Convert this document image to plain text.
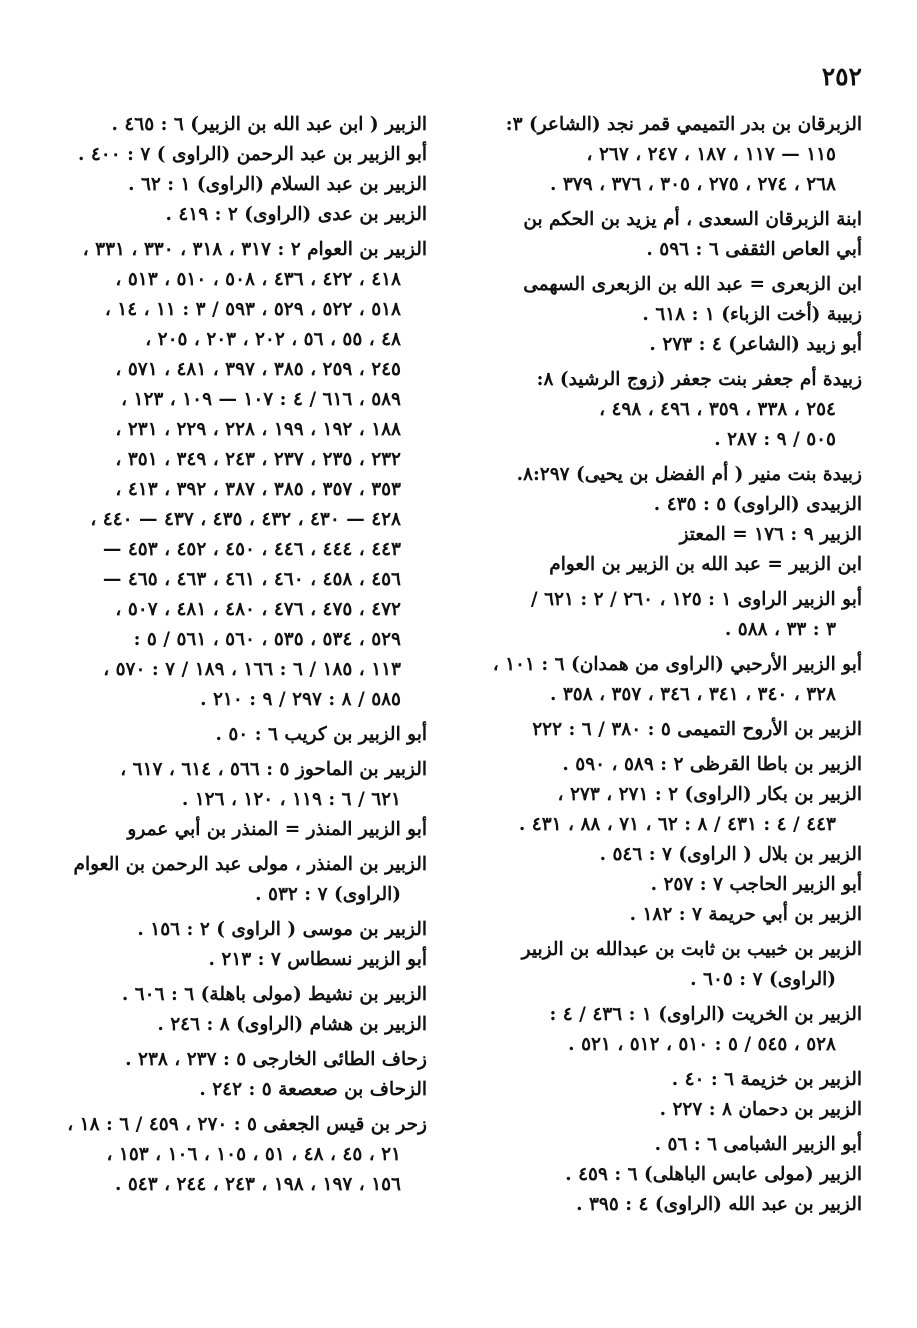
٢٥٢
الزبرقان بن بدر التميمي قمر نجد (الشاعر) ٣:
١١٥ — ١١٧ ، ١٨٧ ، ٢٤٧ ، ٢٦٧ ،
٢٦٨ ، ٢٧٤ ، ٢٧٥ ، ٣٠٥ ، ٣٧٦ ، ٣٧٩ .
ابنة الزبرقان السعدى ، أم يزيد بن الحكم بن
أبي العاص الثقفى ٦ : ٥٩٦ .
ابن الزبعرى = عبد الله بن الزبعرى السهمى
زبيبة (أخت الزباء) ١ : ٦١٨ .
أبو زبيد (الشاعر) ٤ : ٢٧٣ .
زبيدة أم جعفر بنت جعفر (زوج الرشيد) ٨:
٢٥٤ ، ٣٣٨ ، ٣٥٩ ، ٤٩٦ ، ٤٩٨ ،
٥٠٥ / ٩ : ٢٨٧ .
زبيدة بنت منير ( أم الفضل بن يحيى) ٨:٢٩٧.
الزبيدى (الراوى) ٥ : ٤٣٥ .
الزبير ٩ : ١٧٦ = المعتز
ابن الزبير = عبد الله بن الزبير بن العوام
أبو الزبير الراوى ١ : ١٢٥ ، ٢٦٠ / ٢ : ٦٢١ /
٣ : ٣٣ ، ٥٨٨ .
أبو الزبير الأرحبي (الراوى من همدان) ٦ : ١٠١ ،
٣٢٨ ، ٣٤٠ ، ٣٤١ ، ٣٤٦ ، ٣٥٧ ، ٣٥٨ .
الزبير بن الأروح التميمى ٥ : ٣٨٠ / ٦ : ٢٢٢
الزبير بن باطا القرظى ٢ : ٥٨٩ ، ٥٩٠ .
الزبير بن بكار (الراوى) ٢ : ٢٧١ ، ٢٧٣ ،
٤٤٣ / ٤ : ٤٣١ / ٨ : ٦٢ ، ٧١ ، ٨٨ ، ٤٣١ .
الزبير بن بلال ( الراوى) ٧ : ٥٤٦ .
أبو الزبير الحاجب ٧ : ٢٥٧ .
الزبير بن أبي حريمة ٧ : ١٨٢ .
الزبير بن خبيب بن ثابت بن عبدالله بن الزبير
(الراوى) ٧ : ٦٠٥ .
الزبير بن الخريت (الراوى) ١ : ٤٣٦ / ٤ :
٥٢٨ ، ٥٤٥ / ٥ : ٥١٠ ، ٥١٢ ، ٥٢١ .
الزبير بن خزيمة ٦ : ٤٠ .
الزبير بن دحمان ٨ : ٢٢٧ .
أبو الزبير الشبامى ٦ : ٥٦ .
الزبير (مولى عابس الباهلى) ٦ : ٤٥٩ .
الزبير بن عبد الله (الراوى) ٤ : ٣٩٥ .
الزبير ( ابن عبد الله بن الزبير) ٦ : ٤٦٥ .
أبو الزبير بن عبد الرحمن (الراوى ) ٧ : ٤٠٠ .
الزبير بن عبد السلام (الراوى) ١ : ٦٢ .
الزبير بن عدى (الراوى) ٢ : ٤١٩ .
الزبير بن العوام ٢ : ٣١٧ ، ٣١٨ ، ٣٣٠ ، ٣٣١ ،
٤١٨ ، ٤٢٢ ، ٤٣٦ ، ٥٠٨ ، ٥١٠ ، ٥١٣ ،
٥١٨ ، ٥٢٢ ، ٥٢٩ ، ٥٩٣ / ٣ : ١١ ، ١٤ ،
٤٨ ، ٥٥ ، ٥٦ ، ٢٠٢ ، ٢٠٣ ، ٢٠٥ ،
٢٤٥ ، ٢٥٩ ، ٣٨٥ ، ٣٩٧ ، ٤٨١ ، ٥٧١ ،
٥٨٩ ، ٦١٦ / ٤ : ١٠٧ — ١٠٩ ، ١٢٣ ،
١٨٨ ، ١٩٢ ، ١٩٩ ، ٢٢٨ ، ٢٢٩ ، ٢٣١ ،
٢٣٢ ، ٢٣٥ ، ٢٣٧ ، ٢٤٣ ، ٣٤٩ ، ٣٥١ ،
٣٥٣ ، ٣٥٧ ، ٣٨٥ ، ٣٨٧ ، ٣٩٢ ، ٤١٣ ،
٤٢٨ — ٤٣٠ ، ٤٣٢ ، ٤٣٥ ، ٤٣٧ — ٤٤٠ ،
٤٤٣ ، ٤٤٤ ، ٤٤٦ ، ٤٥٠ ، ٤٥٢ ، ٤٥٣ —
٤٥٦ ، ٤٥٨ ، ٤٦٠ ، ٤٦١ ، ٤٦٣ ، ٤٦٥ —
٤٧٢ ، ٤٧٥ ، ٤٧٦ ، ٤٨٠ ، ٤٨١ ، ٥٠٧ ،
٥٢٩ ، ٥٣٤ ، ٥٣٥ ، ٥٦٠ ، ٥٦١ / ٥ :
١١٣ ، ١٨٥ / ٦ : ١٦٦ ، ١٨٩ / ٧ : ٥٧٠ ،
٥٨٥ / ٨ : ٢٩٧ / ٩ : ٢١٠ .
أبو الزبير بن كريب ٦ : ٥٠ .
الزبير بن الماحوز ٥ : ٥٦٦ ، ٦١٤ ، ٦١٧ ،
٦٢١ / ٦ : ١١٩ ، ١٢٠ ، ١٢٦ .
أبو الزبير المنذر = المنذر بن أبي عمرو
الزبير بن المنذر ، مولى عبد الرحمن بن العوام
(الراوى) ٧ : ٥٣٢ .
الزبير بن موسى ( الراوى ) ٢ : ١٥٦ .
أبو الزبير نسطاس ٧ : ٢١٣ .
الزبير بن نشيط (مولى باهلة) ٦ : ٦٠٦ .
الزبير بن هشام (الراوى) ٨ : ٢٤٦ .
زحاف الطائى الخارجى ٥ : ٢٣٧ ، ٢٣٨ .
الزحاف بن صعصعة ٥ : ٢٤٢ .
زحر بن قيس الجعفى ٥ : ٢٧٠ ، ٤٥٩ / ٦ : ١٨ ،
٢١ ، ٤٥ ، ٤٨ ، ٥١ ، ١٠٥ ، ١٠٦ ، ١٥٣ ،
١٥٦ ، ١٩٧ ، ١٩٨ ، ٢٤٣ ، ٢٤٤ ، ٥٤٣ .
